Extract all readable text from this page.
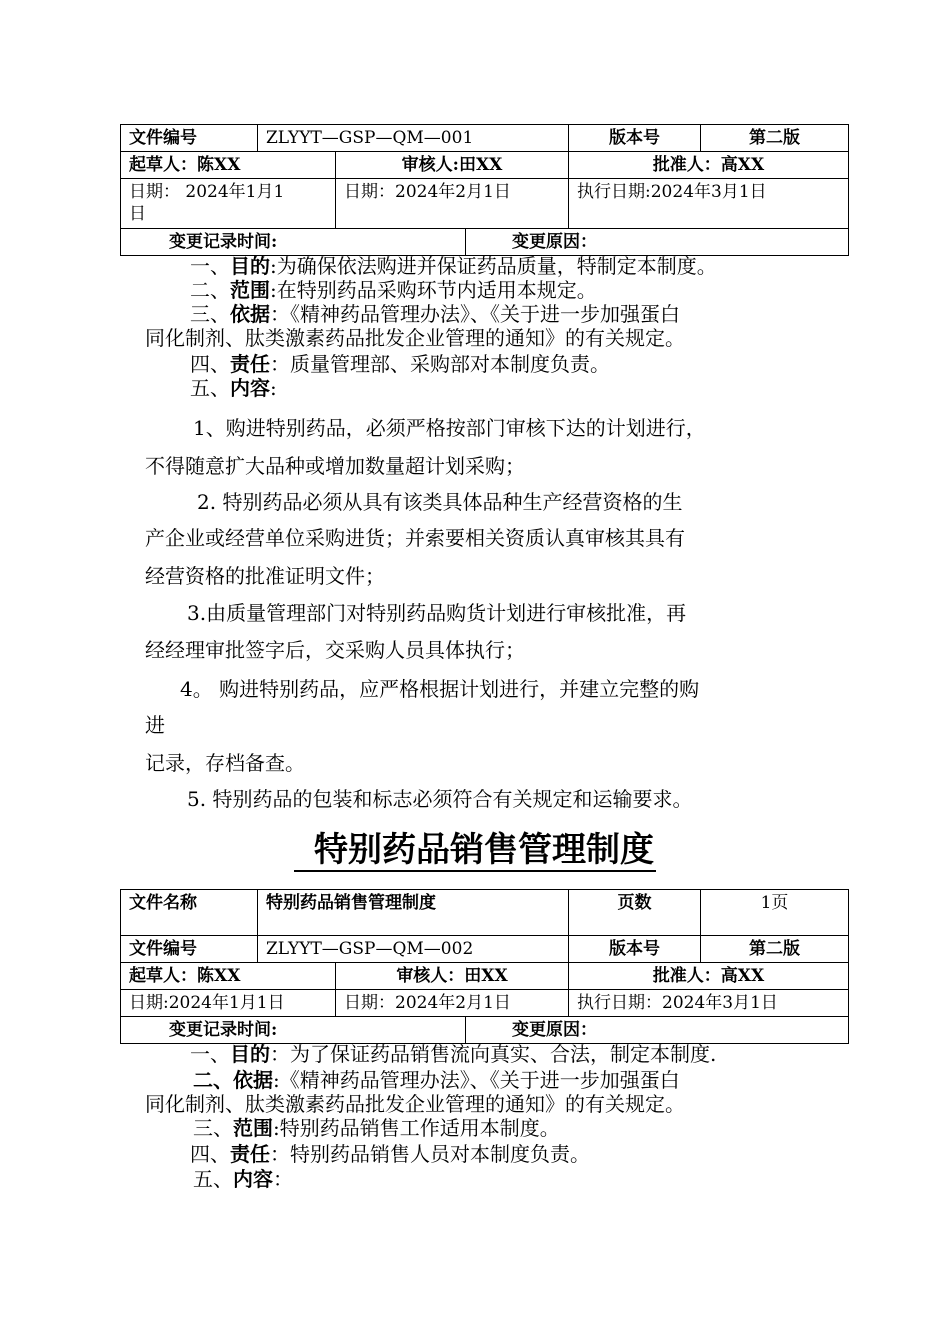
文件编号	ZLYYT—GSP—QM—001			版本号	第二版
起草人：陈XX		审核人:田XX		批准人：高XX	

日期： 2024年1月1
日		日期：2024年2月1日		执行日期:2024年3月1日	
变更记录时间:			变更原因：		

一、目的:为确保依法购进并保证药品质量，特制定本制度。

二、范围:在特别药品采购环节内适用本规定。

三、依据：《精神药品管理办法》、《关于进一步加强蛋白

同化制剂、肽类激素药品批发企业管理的通知》的有关规定。

四、责任：质量管理部、采购部对本制度负责。

五、内容:

1、购进特别药品，必须严格按部门审核下达的计划进行，

不得随意扩大品种或增加数量超计划采购；

2. 特别药品必须从具有该类具体品种生产经营资格的生

产企业或经营单位采购进货；并索要相关资质认真审核其具有

经营资格的批准证明文件；

3.由质量管理部门对特别药品购货计划进行审核批准，再

经经理审批签字后，交采购人员具体执行；

4。 购进特别药品，应严格根据计划进行，并建立完整的购

进

记录，存档备查。

5. 特别药品的包装和标志必须符合有关规定和运输要求。

特别药品销售管理制度
文件名称	特别药品销售管理制度			页数	1页
文件编号	ZLYYT—GSP—QM—002			版本号	第二版
起草人：陈XX		审核人：田XX		批准人：高XX	
日期:2024年1月1日		日期：2024年2月1日		执行日期：2024年3月1日	
变更记录时间:			变更原因：		

一、目的：为了保证药品销售流向真实、合法，制定本制度.

二、依据:《精神药品管理办法》、《关于进一步加强蛋白

同化制剂、肽类激素药品批发企业管理的通知》的有关规定。

三、范围:特别药品销售工作适用本制度。

四、责任：特别药品销售人员对本制度负责。

五、内容：
